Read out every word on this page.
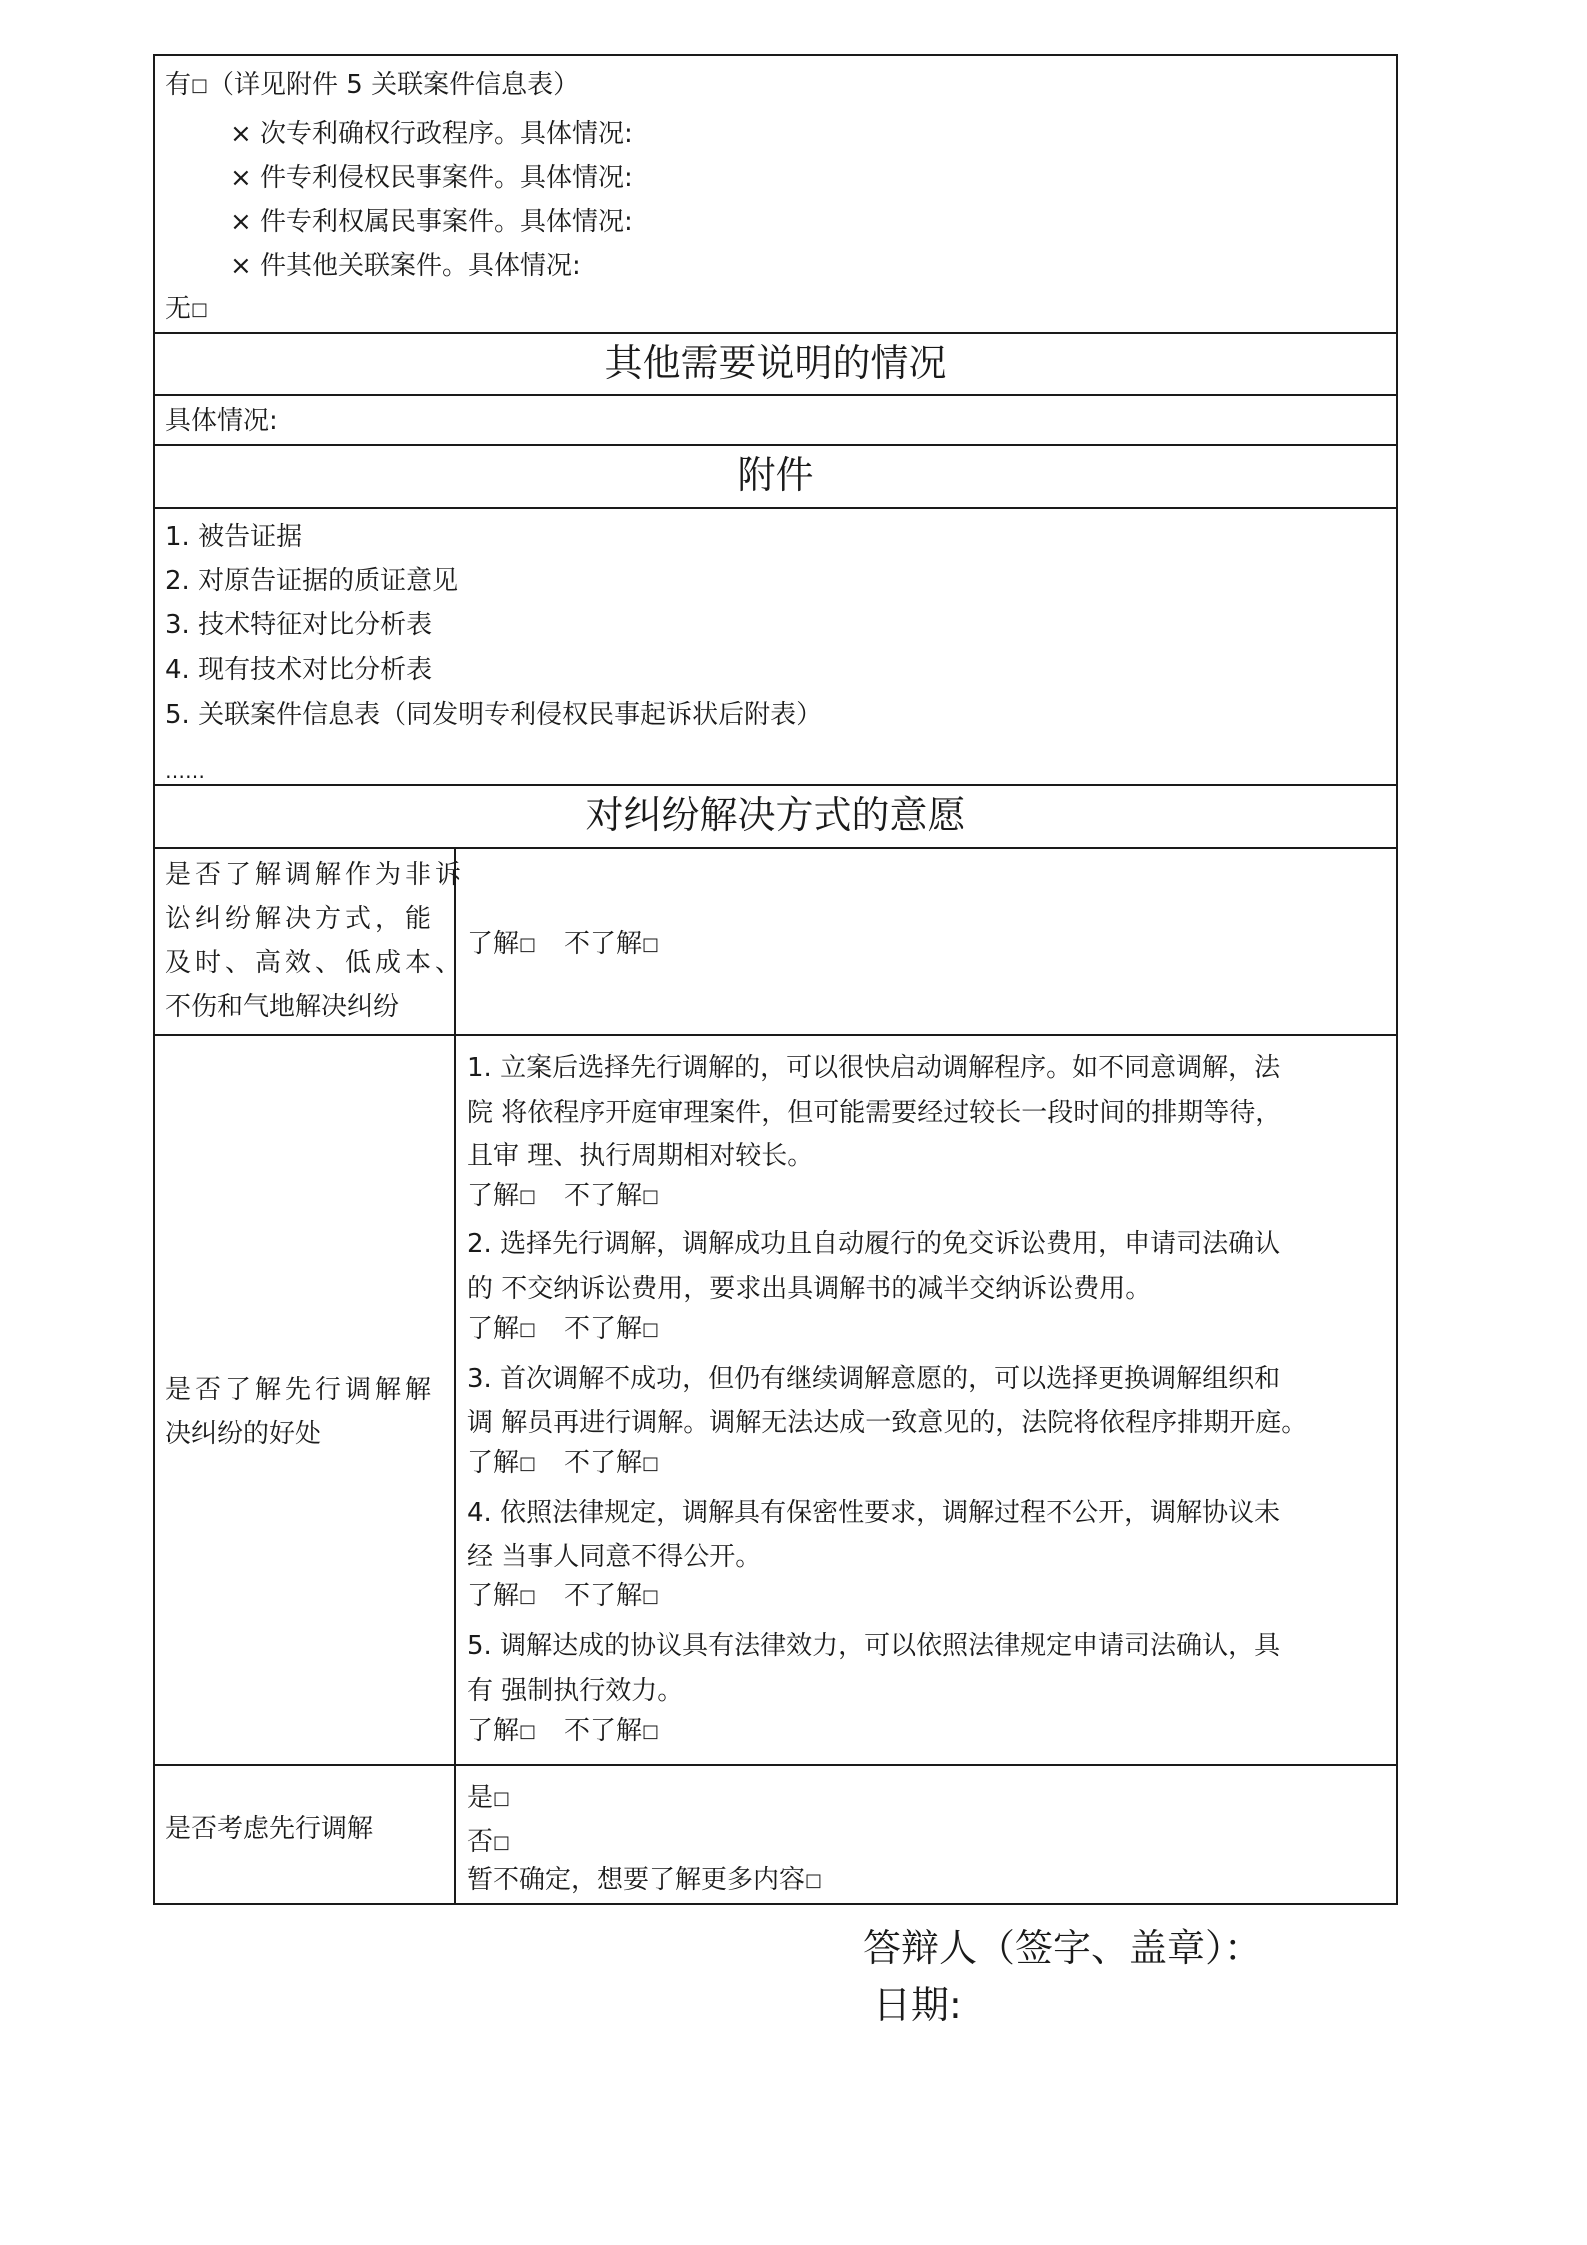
有□（详见附件 5 关联案件信息表）
× 次专利确权行政程序。具体情况:
× 件专利侵权民事案件。具体情况:
× 件专利权属民事案件。具体情况:
× 件其他关联案件。具体情况:
无□
其他需要说明的情况
具体情况:
附件
1. 被告证据
2. 对原告证据的质证意见
3. 技术特征对比分析表
4. 现有技术对比分析表
5. 关联案件信息表（同发明专利侵权民事起诉状后附表）
……
对纠纷解决方式的意愿
是否了解调解作为非诉
讼纠纷解决方式，能
及时、高效、低成本、
不伤和气地解决纠纷
了解□ 不了解□
是否了解先行调解解
决纠纷的好处
1. 立案后选择先行调解的，可以很快启动调解程序。如不同意调解，法
院 将依程序开庭审理案件，但可能需要经过较长一段时间的排期等待，
且审 理、执行周期相对较长。
了解□ 不了解□
2. 选择先行调解，调解成功且自动履行的免交诉讼费用，申请司法确认
的 不交纳诉讼费用，要求出具调解书的减半交纳诉讼费用。
了解□ 不了解□
3. 首次调解不成功，但仍有继续调解意愿的，可以选择更换调解组织和
调 解员再进行调解。调解无法达成一致意见的，法院将依程序排期开庭。
了解□ 不了解□
4. 依照法律规定，调解具有保密性要求，调解过程不公开，调解协议未
经 当事人同意不得公开。
了解□ 不了解□
5. 调解达成的协议具有法律效力，可以依照法律规定申请司法确认，具
有 强制执行效力。
了解□ 不了解□
是否考虑先行调解
是□
否□
暂不确定，想要了解更多内容□
答辩人（签字、盖章）：
日期:
